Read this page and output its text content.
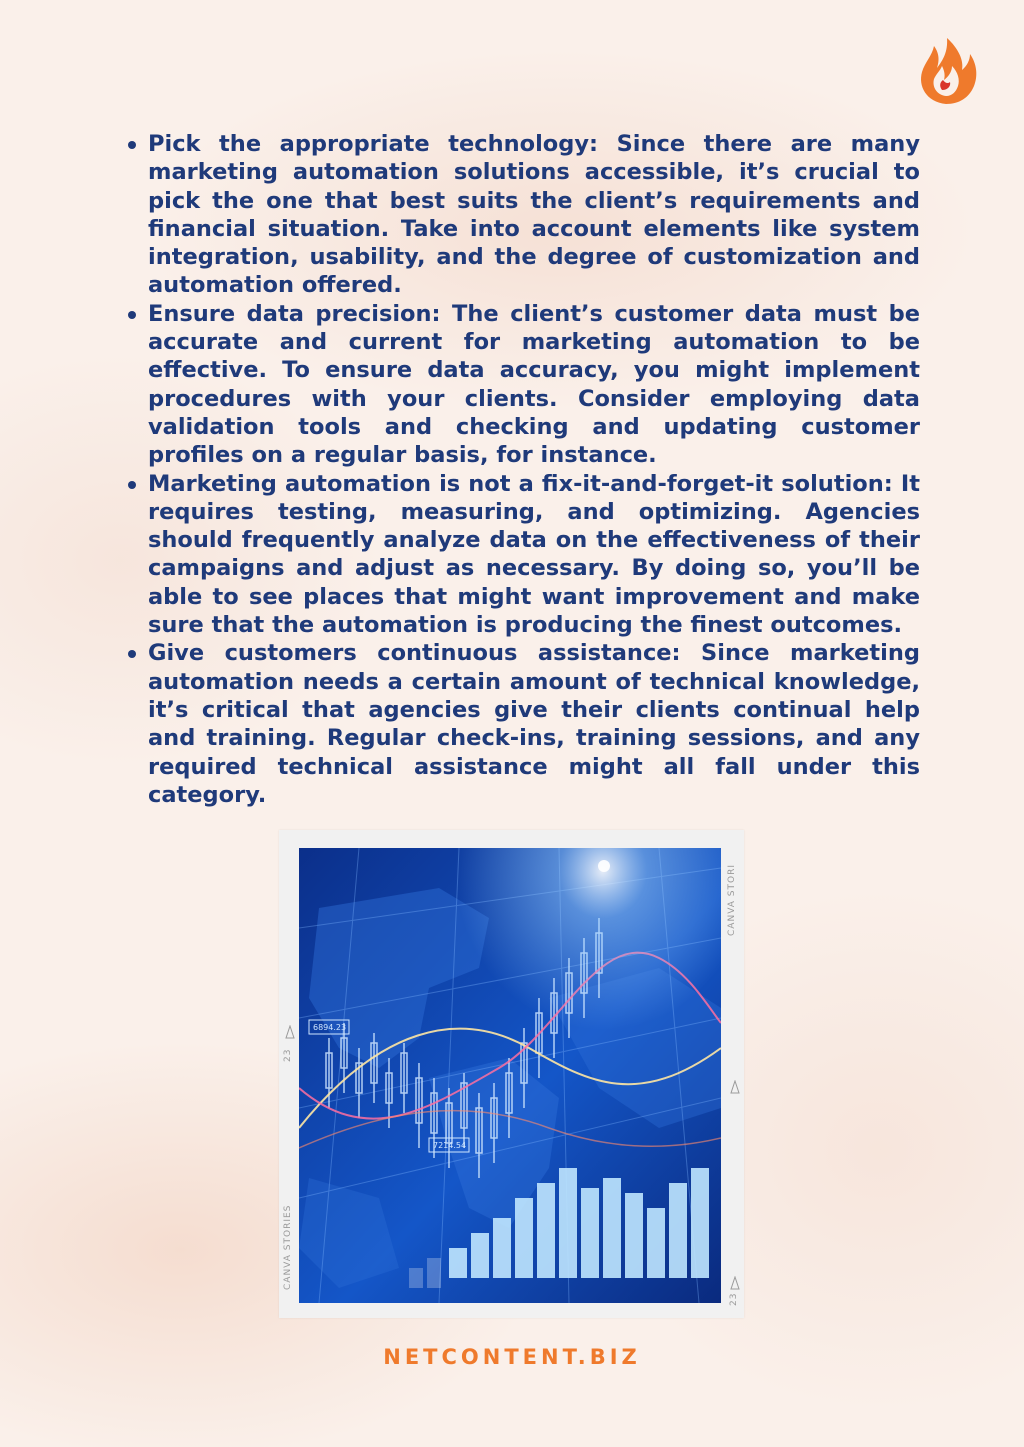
Pick the appropriate technology: Since there are many marketing automation solutions accessible, it’s crucial to pick the one that best suits the client’s requirements and financial situation. Take into account elements like system integration, usability, and the degree of customization and automation offered.
Ensure data precision: The client’s customer data must be accurate and current for marketing automation to be effective. To ensure data accuracy, you might implement procedures with your clients. Consider employing data validation tools and checking and updating customer profiles on a regular basis, for instance.
Marketing automation is not a fix-it-and-forget-it solution: It requires testing, measuring, and optimizing. Agencies should frequently analyze data on the effectiveness of their campaigns and adjust as necessary. By doing so, you’ll be able to see places that might want improvement and make sure that the automation is producing the finest outcomes.
Give customers continuous assistance: Since marketing automation needs a certain amount of technical knowledge, it’s critical that agencies give their clients continual help and training. Regular check-ins, training sessions, and any required technical assistance might all fall under this category.
CANVA STORI
CANVA STORIES
23
23
NETCONTENT.BIZ
